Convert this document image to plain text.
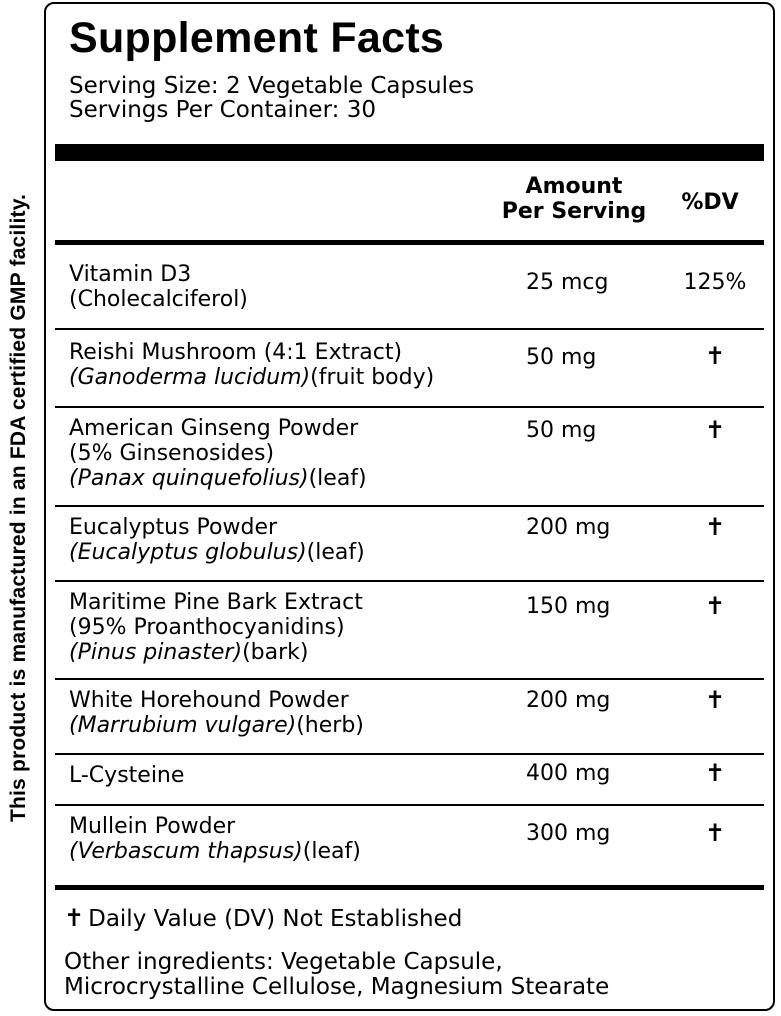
This product is manufactured in an FDA certified GMP facility.
Supplement Facts
Serving Size: 2 Vegetable Capsules
Servings Per Container: 30
Amount
Per Serving	%DV
Vitamin D3
(Cholecalciferol)
25 mcg	125%
Reishi Mushroom (4:1 Extract)
(Ganoderma lucidum)(fruit body)
50 mg	✝
American Ginseng Powder
(5% Ginsenosides)
(Panax quinquefolius)(leaf)
50 mg	✝
Eucalyptus Powder
(Eucalyptus globulus)(leaf)
200 mg	✝
Maritime Pine Bark Extract
(95% Proanthocyanidins)
(Pinus pinaster)(bark)
150 mg	✝
White Horehound Powder
(Marrubium vulgare)(herb)
200 mg	✝
L-Cysteine	400 mg	✝
Mullein Powder
(Verbascum thapsus)(leaf)
300 mg	✝
✝ Daily Value (DV) Not Established
Other ingredients: Vegetable Capsule,
Microcrystalline Cellulose, Magnesium Stearate
